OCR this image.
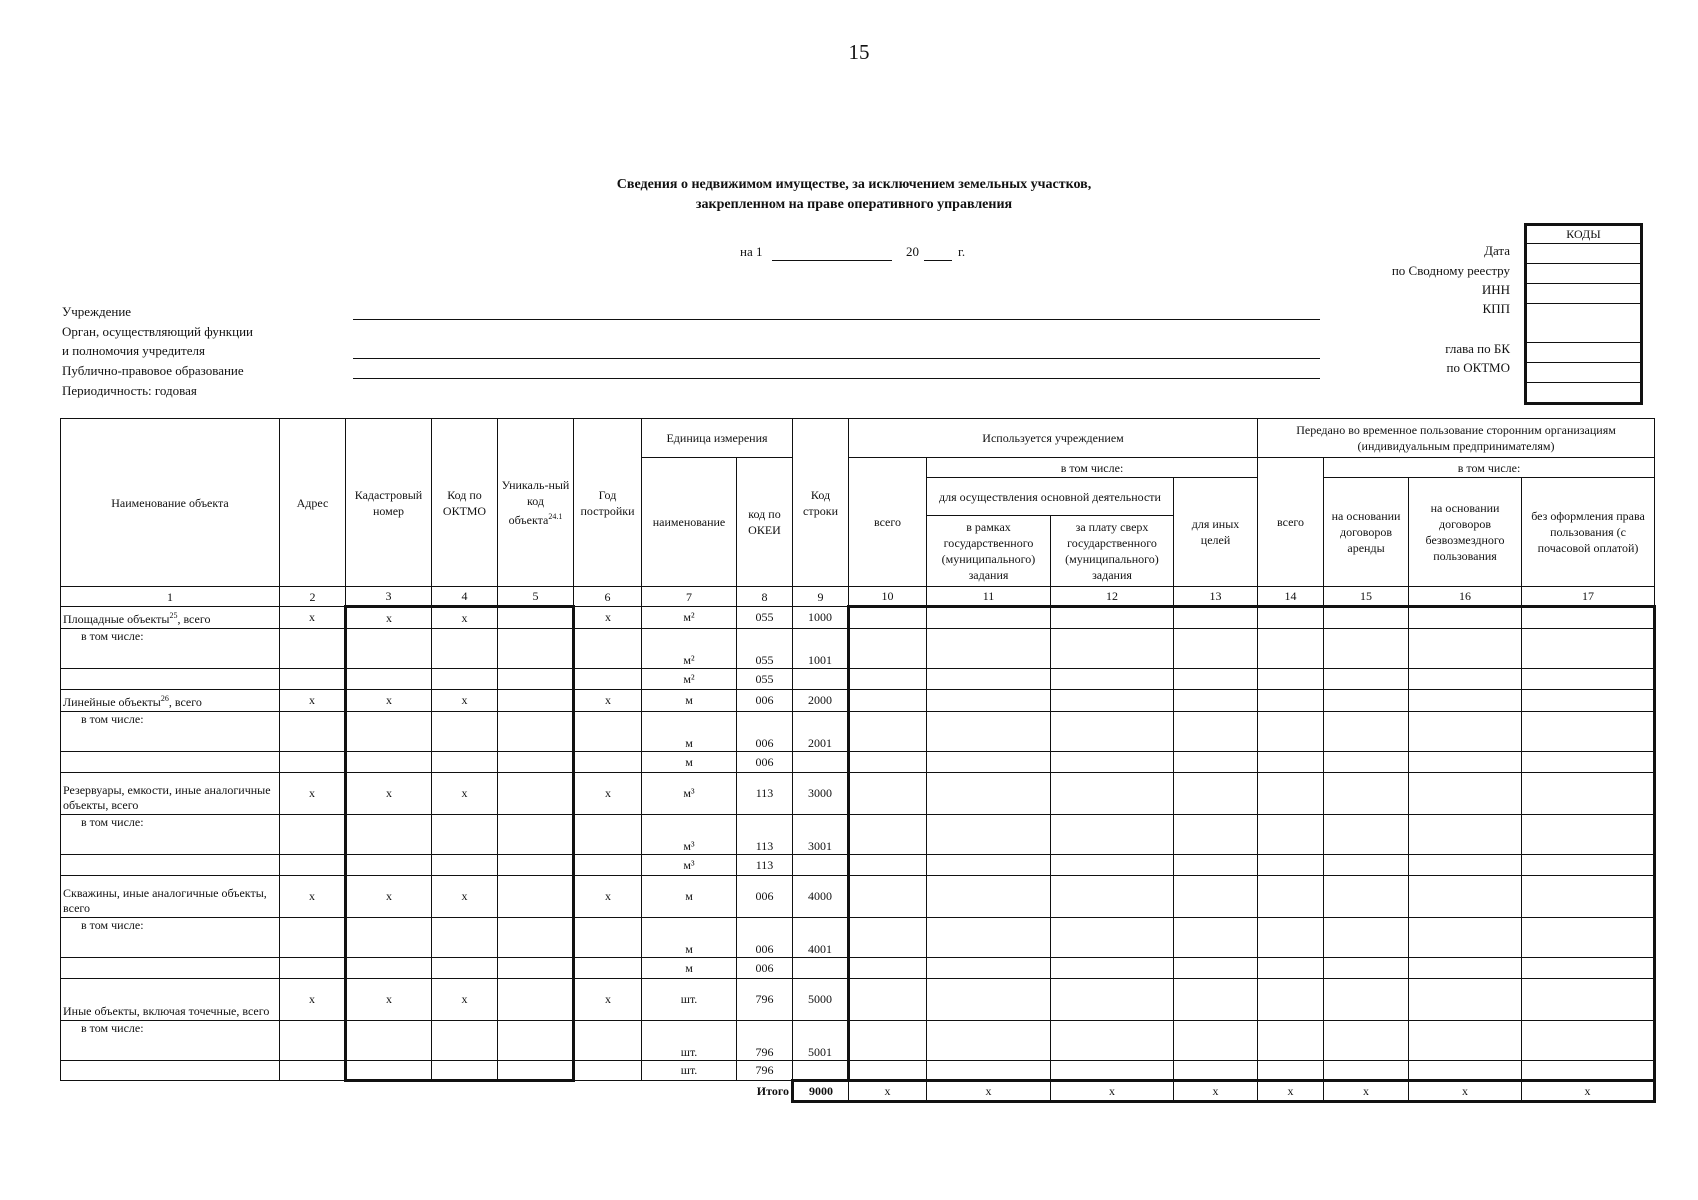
15
Сведения о недвижимом имуществе, за исключением земельных участков,
закрепленном на праве оперативного управления
на 1	20	г.
КОДЫ
Дата
по Сводному реестру
ИНН
КПП
глава по БК
по ОКТМО
Учреждение
Орган, осуществляющий функции
и полномочия учредителя
Публично-правовое образование
Периодичность: годовая
Наименование объекта	Адрес	Кадастровый номер	Код по ОКТМО	Уникаль-ный код объекта$^{24.1}$	Год постройки	Единица измерения		Код строки	Используется учреждением				Передано во временное пользование сторонним организациям (индивидуальным предпринимателям)			
						наименование	код по ОКЕИ		всего	в том числе:			всего	в том числе:		
										для осуществления основной деятельности		для иных целей		на основании договоров аренды	на основании договоров безвозмездного пользования	без оформления права пользования (с почасовой оплатой)
										в рамках государственного (муниципального) задания	за плату сверх государственного (муниципального) задания					
1	2	3	4	5	6	7	8	9	10	11	12	13	14	15	16	17
Площадные объекты$^{25}$, всего	x	x	x		x	м²	055	1000								
в том числе:						м²	055	1001								
						м²	055									
Линейные объекты$^{26}$, всего	x	x	x		x	м	006	2000								
в том числе:						м	006	2001								
						м	006									
Резервуары, емкости, иные аналогичные объекты, всего	x	x	x		x	м³	113	3000								
в том числе:						м³	113	3001								
						м³	113									
Скважины, иные аналогичные объекты, всего	x	x	x		x	м	006	4000								
в том числе:						м	006	4001								
						м	006									
Иные объекты, включая точечные, всего	x	x	x		x	шт.	796	5000								
в том числе:						шт.	796	5001								
						шт.	796									
							Итого	9000	x	x	x	x	x	x	x	x
